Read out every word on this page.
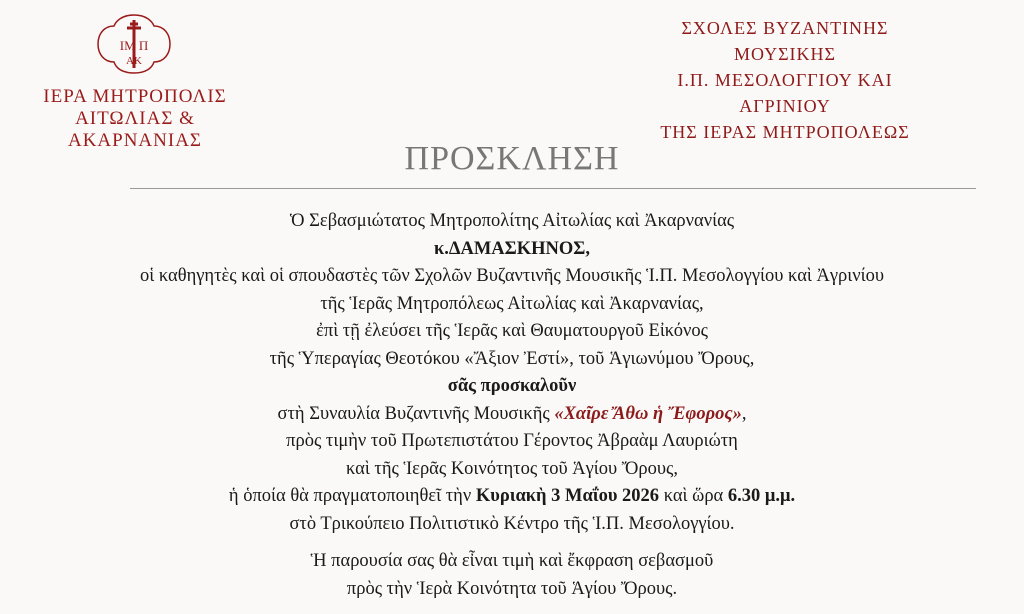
ΙΜ Π
ΑΚ
ΙΕΡΑ ΜΗΤΡΟΠΟΛΙΣ
ΑΙΤΩΛΙΑΣ & ΑΚΑΡΝΑΝΙΑΣ
ΣΧΟΛΕΣ ΒΥΖΑΝΤΙΝΗΣ ΜΟΥΣΙΚΗΣ
Ι.Π. ΜΕΣΟΛΟΓΓΙΟΥ ΚΑΙ ΑΓΡΙΝΙΟΥ
ΤΗΣ ΙΕΡΑΣ ΜΗΤΡΟΠΟΛΕΩΣ
ΠΡΟΣΚΛΗΣΗ
Ὁ Σεβασμιώτατος Μητροπολίτης Αἰτωλίας καὶ Ἀκαρνανίας
κ.ΔΑΜΑΣΚΗΝΟΣ,
οἱ καθηγητὲς καὶ οἱ σπουδαστὲς τῶν Σχολῶν Βυζαντινῆς Μουσικῆς Ἱ.Π. Μεσολογγίου καὶ Ἀγρινίου
τῆς Ἱερᾶς Μητροπόλεως Αἰτωλίας καὶ Ἀκαρνανίας,
ἐπὶ τῇ ἐλεύσει τῆς Ἱερᾶς καὶ Θαυματουργοῦ Εἰκόνος
τῆς Ὑπεραγίας Θεοτόκου «Ἄξιον Ἐστί», τοῦ Ἁγιωνύμου Ὄρους,
σᾶς προσκαλοῦν
στὴ Συναυλία Βυζαντινῆς Μουσικῆς «Χαῖρε Ἄθω ἡ Ἔφορος»,
πρὸς τιμὴν τοῦ Πρωτεπιστάτου Γέροντος Ἀβραὰμ Λαυριώτη
καὶ τῆς Ἱερᾶς Κοινότητος τοῦ Ἁγίου Ὄρους,
ἡ ὁποία θὰ πραγματοποιηθεῖ τὴν Κυριακὴ 3 Μαΐου 2026 καὶ ὥρα 6.30 μ.μ.
στὸ Τρικούπειο Πολιτιστικὸ Κέντρο τῆς Ἱ.Π. Μεσολογγίου.
Ἡ παρουσία σας θὰ εἶναι τιμὴ καὶ ἔκφραση σεβασμοῦ
πρὸς τὴν Ἱερὰ Κοινότητα τοῦ Ἁγίου Ὄρους.
